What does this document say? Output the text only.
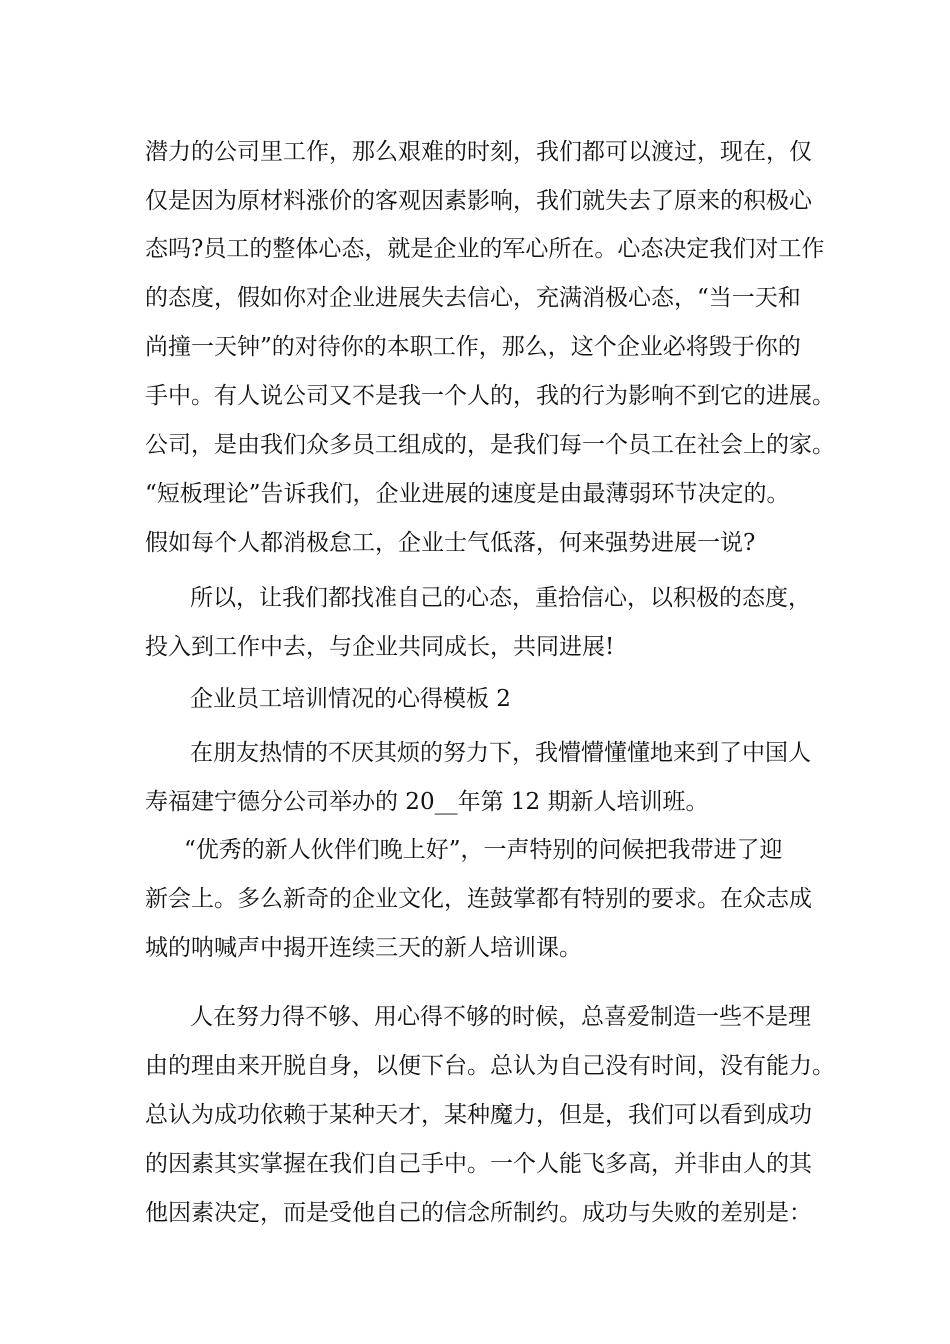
潜力的公司里工作，那么艰难的时刻，我们都可以渡过，现在，仅
仅是因为原材料涨价的客观因素影响，我们就失去了原来的积极心
态吗?员工的整体心态，就是企业的军心所在。心态决定我们对工作
的态度，假如你对企业进展失去信心，充满消极心态，“当一天和
尚撞一天钟”的对待你的本职工作，那么，这个企业必将毁于你的
手中。有人说公司又不是我一个人的，我的行为影响不到它的进展。
公司，是由我们众多员工组成的，是我们每一个员工在社会上的家。
“短板理论”告诉我们，企业进展的速度是由最薄弱环节决定的。
假如每个人都消极怠工，企业士气低落，何来强势进展一说?
所以，让我们都找准自己的心态，重拾信心，以积极的态度，
投入到工作中去，与企业共同成长，共同进展!
企业员工培训情况的心得模板 2
在朋友热情的不厌其烦的努力下，我懵懵懂懂地来到了中国人
寿福建宁德分公司举办的 20__年第 12 期新人培训班。
“优秀的新人伙伴们晚上好”，一声特别的问候把我带进了迎
新会上。多么新奇的企业文化，连鼓掌都有特别的要求。在众志成
城的呐喊声中揭开连续三天的新人培训课。
人在努力得不够、用心得不够的时候，总喜爱制造一些不是理
由的理由来开脱自身，以便下台。总认为自己没有时间，没有能力。
总认为成功依赖于某种天才，某种魔力，但是，我们可以看到成功
的因素其实掌握在我们自己手中。一个人能飞多高，并非由人的其
他因素决定，而是受他自己的信念所制约。成功与失败的差别是：
